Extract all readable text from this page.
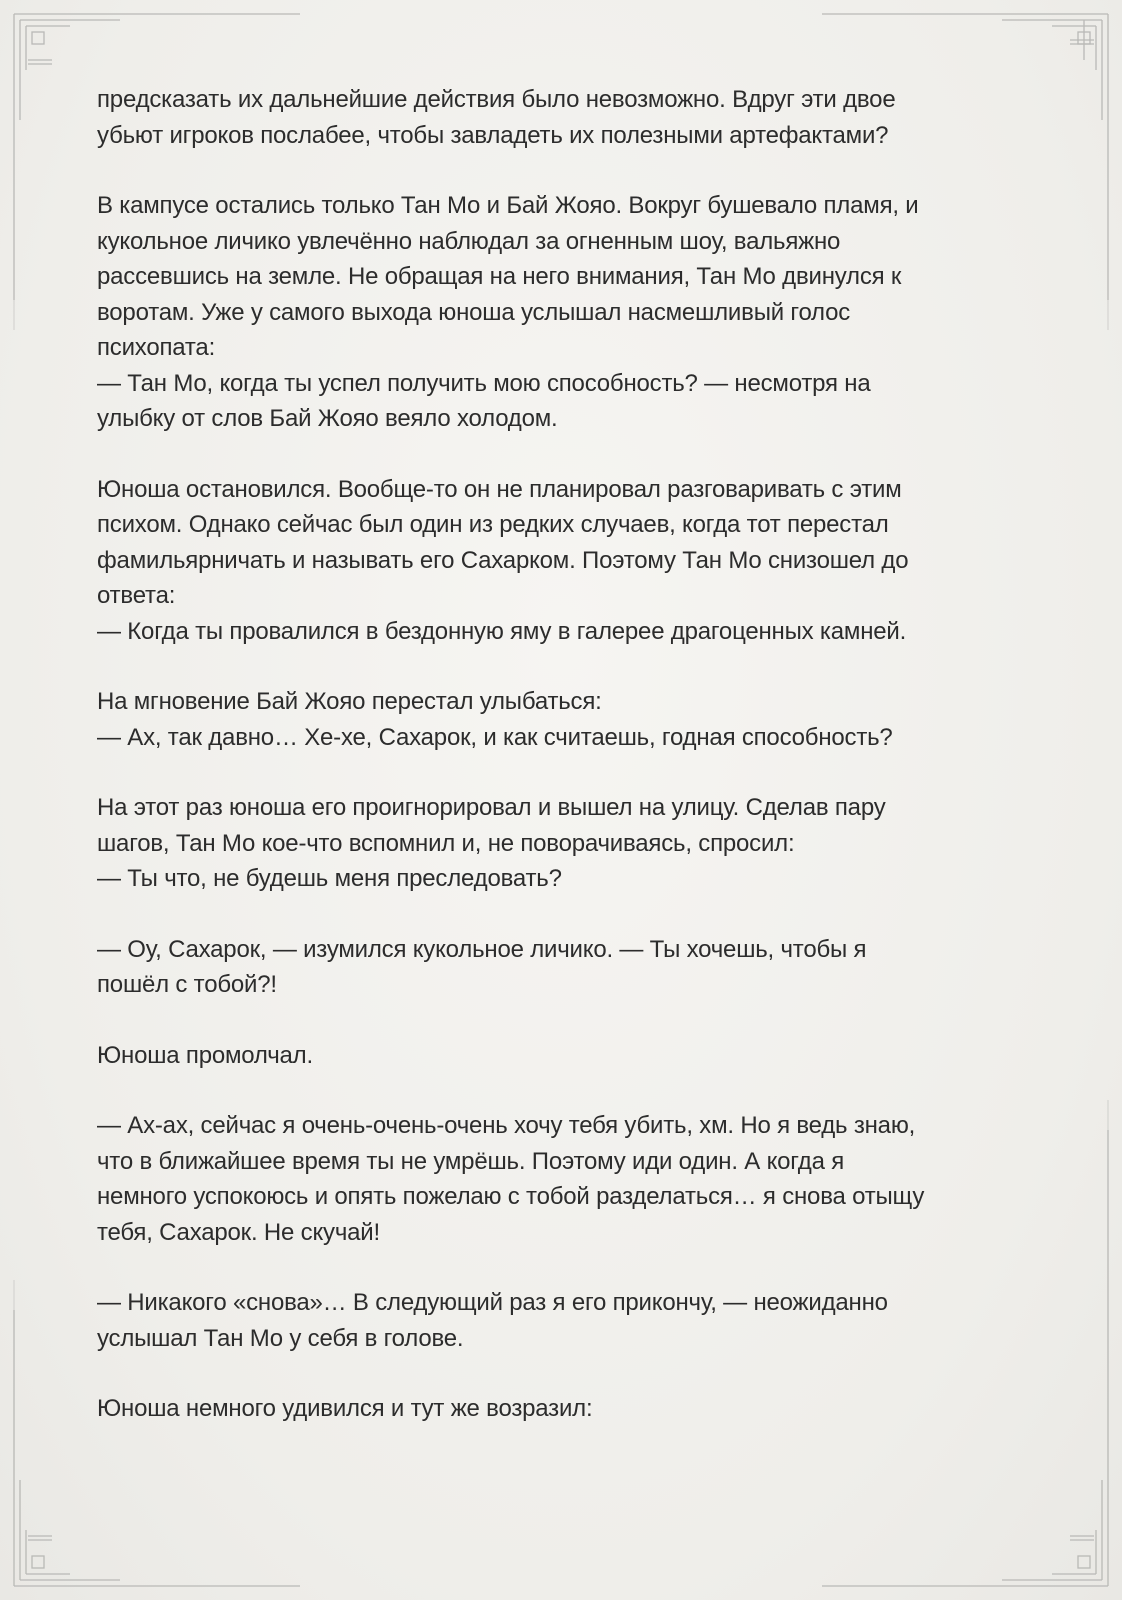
предсказать их дальнейшие действия было невозможно. Вдруг эти двое
убьют игроков послабее, чтобы завладеть их полезными артефактами?

В кампусе остались только Тан Мо и Бай Жояо. Вокруг бушевало пламя, и
кукольное личико увлечённо наблюдал за огненным шоу, вальяжно
рассевшись на земле. Не обращая на него внимания, Тан Мо двинулся к
воротам. Уже у самого выхода юноша услышал насмешливый голос
психопата:
— Тан Мо, когда ты успел получить мою способность? — несмотря на
улыбку от слов Бай Жояо веяло холодом.

Юноша остановился. Вообще-то он не планировал разговаривать с этим
психом. Однако сейчас был один из редких случаев, когда тот перестал
фамильярничать и называть его Сахарком. Поэтому Тан Мо снизошел до
ответа:
— Когда ты провалился в бездонную яму в галерее драгоценных камней.

На мгновение Бай Жояо перестал улыбаться:
— Ах, так давно… Хе-хе, Сахарок, и как считаешь, годная способность?

На этот раз юноша его проигнорировал и вышел на улицу. Сделав пару
шагов, Тан Мо кое-что вспомнил и, не поворачиваясь, спросил:
— Ты что, не будешь меня преследовать?

— Оу, Сахарок, — изумился кукольное личико. — Ты хочешь, чтобы я
пошёл с тобой?!

Юноша промолчал.

— Ах-ах, сейчас я очень-очень-очень хочу тебя убить, хм. Но я ведь знаю,
что в ближайшее время ты не умрёшь. Поэтому иди один. А когда я
немного успокоюсь и опять пожелаю с тобой разделаться… я снова отыщу
тебя, Сахарок. Не скучай!

— Никакого «снова»… В следующий раз я его прикончу, — неожиданно
услышал Тан Мо у себя в голове.

Юноша немного удивился и тут же возразил:
